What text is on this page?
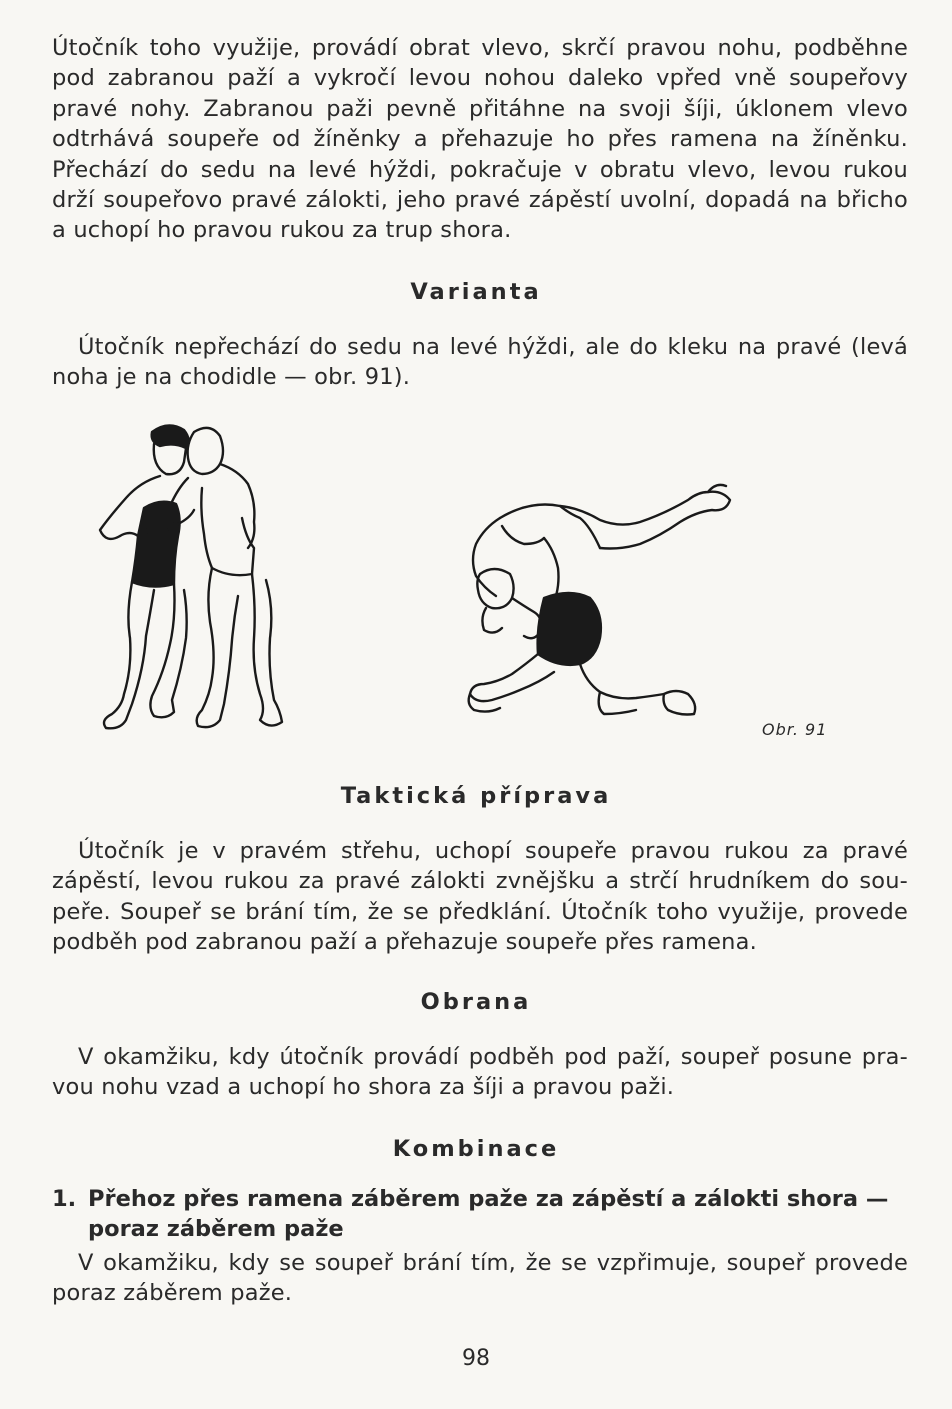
Útočník toho využije, provádí obrat vlevo, skrčí pravou nohu, podběhne
pod zabranou paží a vykročí levou nohou daleko vpřed vně soupeřovy
pravé nohy. Zabranou paži pevně přitáhne na svoji šíji, úklonem vlevo
odtrhává soupeře od žíněnky a přehazuje ho přes ramena na žíněnku.
Přechází do sedu na levé hýždi, pokračuje v obratu vlevo, levou rukou
drží soupeřovo pravé zálokti, jeho pravé zápěstí uvolní, dopadá na břicho
a uchopí ho pravou rukou za trup shora.
Varianta
Útočník nepřechází do sedu na levé hýždi, ale do kleku na pravé (levá
noha je na chodidle — obr. 91).
Obr. 91
Taktická příprava
Útočník je v pravém střehu, uchopí soupeře pravou rukou za pravé
zápěstí, levou rukou za pravé zálokti zvnějšku a strčí hrudníkem do sou-
peře. Soupeř se brání tím, že se předklání. Útočník toho využije, provede
podběh pod zabranou paží a přehazuje soupeře přes ramena.
Obrana
V okamžiku, kdy útočník provádí podběh pod paží, soupeř posune pra-
vou nohu vzad a uchopí ho shora za šíji a pravou paži.
Kombinace
1. Přehoz přes ramena záběrem paže za zápěstí a zálokti shora —
poraz záběrem paže
V okamžiku, kdy se soupeř brání tím, že se vzpřimuje, soupeř provede
poraz záběrem paže.
98
